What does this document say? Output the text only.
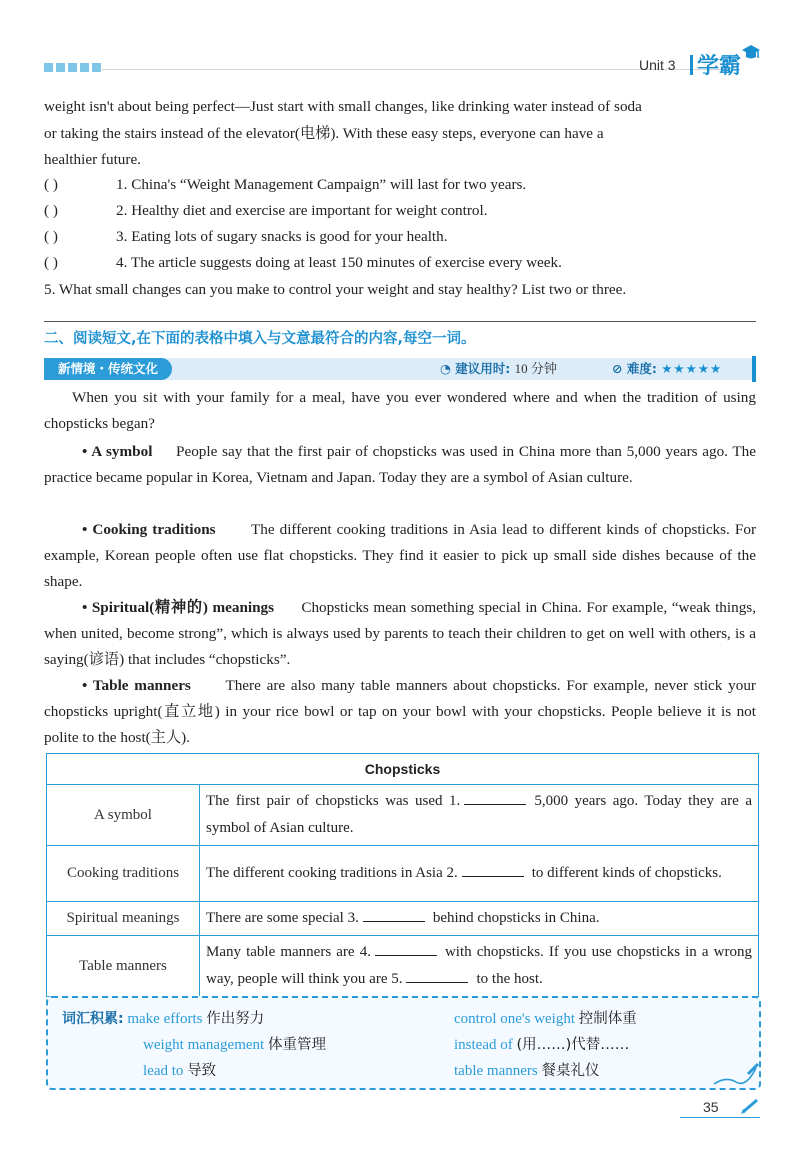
Unit 3 学霸
weight isn't about being perfect—Just start with small changes, like drinking water instead of soda
or taking the stairs instead of the elevator(电梯). With these easy steps, everyone can have a
healthier future.
( )	1. China's “Weight Management Campaign” will last for two years.
( )	2. Healthy diet and exercise are important for weight control.
( )	3. Eating lots of sugary snacks is good for your health.
( )	4. The article suggests doing at least 150 minutes of exercise every week.
5. What small changes can you make to control your weight and stay healthy? List two or three.
二、阅读短文,在下面的表格中填入与文意最符合的内容,每空一词。
新情境・传统文化	◔ 建议用时: 10 分钟	⊘ 难度: ★★★★★
When you sit with your family for a meal, have you ever wondered where and when the tradition of using chopsticks began?
• A symbol People say that the first pair of chopsticks was used in China more than 5,000 years ago. The practice became popular in Korea, Vietnam and Japan. Today they are a symbol of Asian culture.
• Cooking traditions The different cooking traditions in Asia lead to different kinds of chopsticks. For example, Korean people often use flat chopsticks. They find it easier to pick up small side dishes because of the shape.
• Spiritual(精神的) meanings Chopsticks mean something special in China. For example, “weak things, when united, become strong”, which is always used by parents to teach their children to get on well with others, is a saying(谚语) that includes “chopsticks”.
• Table manners There are also many table manners about chopsticks. For example, never stick your chopsticks upright(直立地) in your rice bowl or tap on your bowl with your chopsticks. People believe it is not polite to the host(主人).
Chopsticks	
A symbol	The first pair of chopsticks was used 1. 5,000 years ago. Today they are a symbol of Asian culture.
Cooking traditions	The different cooking traditions in Asia 2. to different kinds of chopsticks.
Spiritual meanings	There are some special 3. behind chopsticks in China.
Table manners	Many table manners are 4. with chopsticks. If you use chopsticks in a wrong way, people will think you are 5. to the host.
词汇积累: make efforts 作出努力	control one's weight 控制体重
weight management 体重管理	instead of (用……)代替……
lead to 导致	table manners 餐桌礼仪
35
